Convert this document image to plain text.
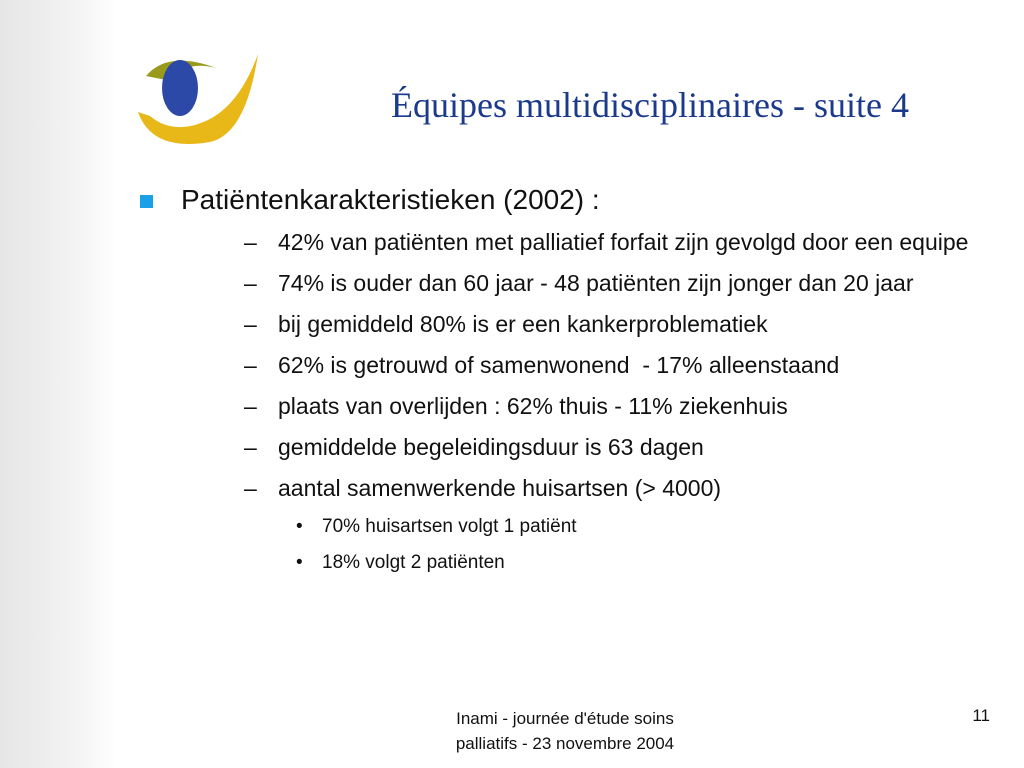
Équipes multidisciplinaires - suite 4
Patiëntenkarakteristieken (2002) :
– 42% van patiënten met palliatief forfait zijn gevolgd door een equipe
– 74% is ouder dan 60 jaar - 48 patiënten zijn jonger dan 20 jaar
– bij gemiddeld 80% is er een kankerproblematiek
– 62% is getrouwd of samenwonend  - 17% alleenstaand
– plaats van overlijden : 62% thuis - 11% ziekenhuis
– gemiddelde begeleidingsduur is 63 dagen
– aantal samenwerkende huisartsen (> 4000)
•	70% huisartsen volgt 1 patiënt
•	18% volgt 2 patiënten
Inami - journée d'étude soins
palliatifs - 23 novembre 2004
11
